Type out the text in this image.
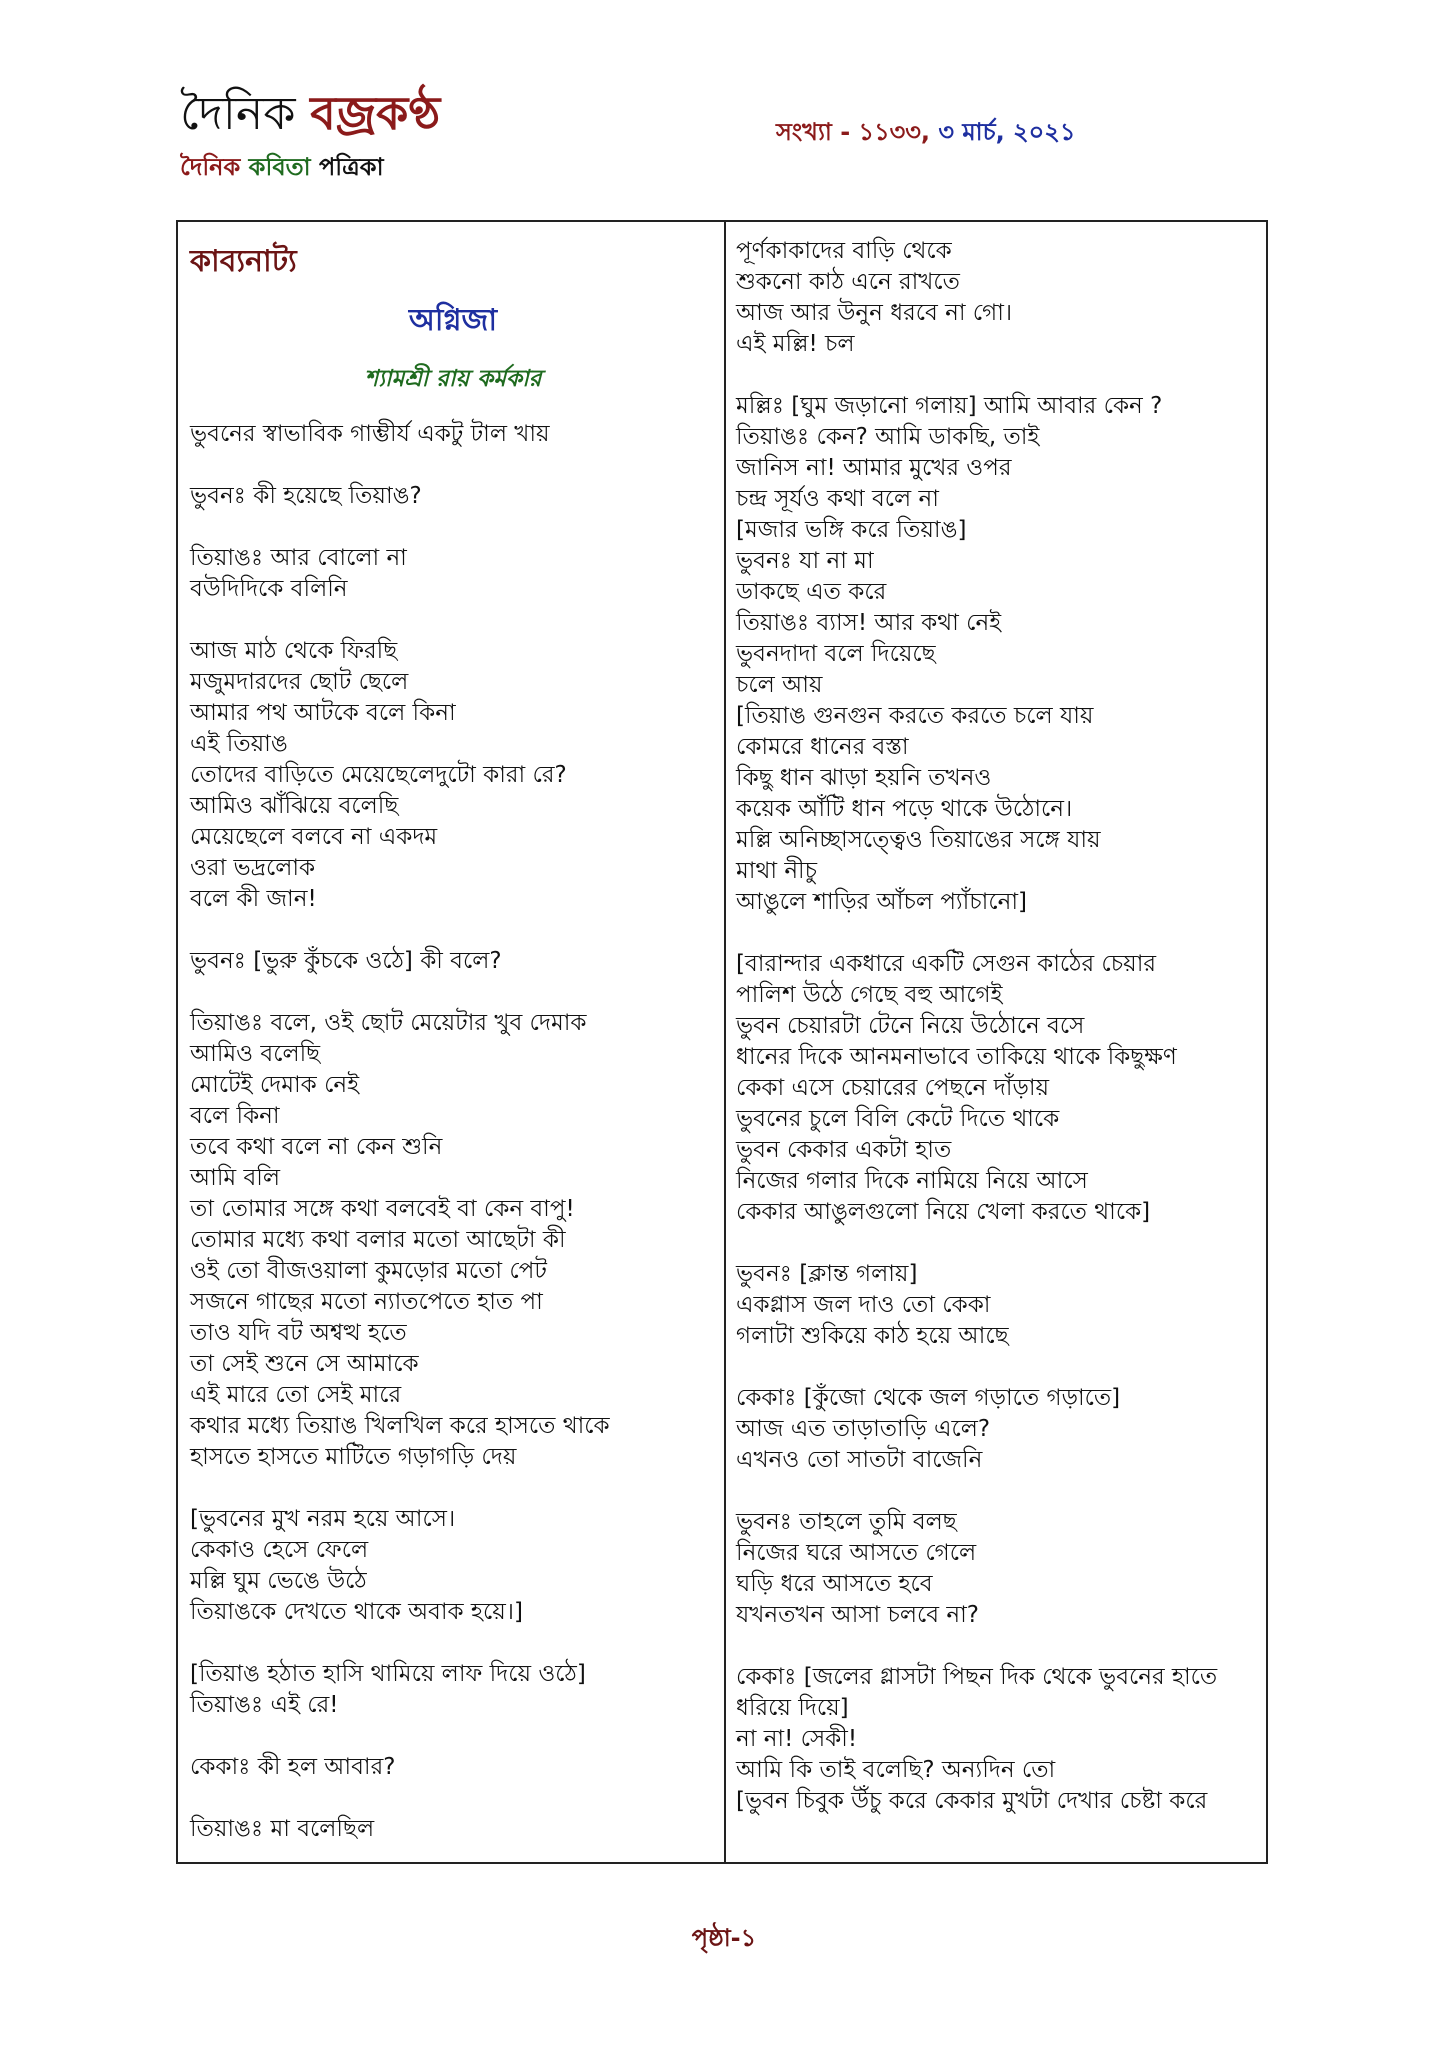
দৈনিক বজ্রকণ্ঠ
দৈনিক কবিতা পত্রিকা
সংখ্যা - ১১৩৩, ৩ মার্চ, ২০২১
কাব্যনাট্য
অগ্নিজা
শ্যামশ্রী রায় কর্মকার
ভুবনের স্বাভাবিক গাম্ভীর্য একটু টাল খায়
ভুবনঃ কী হয়েছে তিয়াঙ?
তিয়াঙঃ আর বোলো না
বউদিদিকে বলিনি
আজ মাঠ থেকে ফিরছি
মজুমদারদের ছোট ছেলে
আমার পথ আটকে বলে কিনা
এই তিয়াঙ
তোদের বাড়িতে মেয়েছেলেদুটো কারা রে?
আমিও ঝাঁঝিয়ে বলেছি
মেয়েছেলে বলবে না একদম
ওরা ভদ্রলোক
বলে কী জান!
ভুবনঃ [ভুরু কুঁচকে ওঠে] কী বলে?
তিয়াঙঃ বলে, ওই ছোট মেয়েটার খুব দেমাক
আমিও বলেছি
মোটেই দেমাক নেই
বলে কিনা
তবে কথা বলে না কেন শুনি
আমি বলি
তা তোমার সঙ্গে কথা বলবেই বা কেন বাপু!
তোমার মধ্যে কথা বলার মতো আছেটা কী
ওই তো বীজওয়ালা কুমড়োর মতো পেট
সজনে গাছের মতো ন্যাতপেতে হাত পা
তাও যদি বট অশ্বত্থ হতে
তা সেই শুনে সে আমাকে
এই মারে তো সেই মারে
কথার মধ্যে তিয়াঙ খিলখিল করে হাসতে থাকে
হাসতে হাসতে মাটিতে গড়াগড়ি দেয়
[ভুবনের মুখ নরম হয়ে আসে।
কেকাও হেসে ফেলে
মল্লি ঘুম ভেঙে উঠে
তিয়াঙকে দেখতে থাকে অবাক হয়ে।]
[তিয়াঙ হঠাত হাসি থামিয়ে লাফ দিয়ে ওঠে]
তিয়াঙঃ এই রে!
কেকাঃ কী হল আবার?
তিয়াঙঃ মা বলেছিল
পূর্ণকাকাদের বাড়ি থেকে
শুকনো কাঠ এনে রাখতে
আজ আর উনুন ধরবে না গো।
এই মল্লি! চল
মল্লিঃ [ঘুম জড়ানো গলায়] আমি আবার কেন ?
তিয়াঙঃ কেন? আমি ডাকছি, তাই
জানিস না! আমার মুখের ওপর
চন্দ্র সূর্যও কথা বলে না
[মজার ভঙ্গি করে তিয়াঙ]
ভুবনঃ যা না মা
ডাকছে এত করে
তিয়াঙঃ ব্যাস! আর কথা নেই
ভুবনদাদা বলে দিয়েছে
চলে আয়
[তিয়াঙ গুনগুন করতে করতে চলে যায়
কোমরে ধানের বস্তা
কিছু ধান ঝাড়া হয়নি তখনও
কয়েক আঁটি ধান পড়ে থাকে উঠোনে।
মল্লি অনিচ্ছাসত্ত্বেও তিয়াঙের সঙ্গে যায়
মাথা নীচু
আঙুলে শাড়ির আঁচল প্যাঁচানো]
[বারান্দার একধারে একটি সেগুন কাঠের চেয়ার
পালিশ উঠে গেছে বহু আগেই
ভুবন চেয়ারটা টেনে নিয়ে উঠোনে বসে
ধানের দিকে আনমনাভাবে তাকিয়ে থাকে কিছুক্ষণ
কেকা এসে চেয়ারের পেছনে দাঁড়ায়
ভুবনের চুলে বিলি কেটে দিতে থাকে
ভুবন কেকার একটা হাত
নিজের গলার দিকে নামিয়ে নিয়ে আসে
কেকার আঙুলগুলো নিয়ে খেলা করতে থাকে]
ভুবনঃ [ক্লান্ত গলায়]
একগ্লাস জল দাও তো কেকা
গলাটা শুকিয়ে কাঠ হয়ে আছে
কেকাঃ [কুঁজো থেকে জল গড়াতে গড়াতে]
আজ এত তাড়াতাড়ি এলে?
এখনও তো সাতটা বাজেনি
ভুবনঃ তাহলে তুমি বলছ
নিজের ঘরে আসতে গেলে
ঘড়ি ধরে আসতে হবে
যখনতখন আসা চলবে না?
কেকাঃ [জলের গ্লাসটা পিছন দিক থেকে ভুবনের হাতে
ধরিয়ে দিয়ে]
না না! সেকী!
আমি কি তাই বলেছি? অন্যদিন তো
[ভুবন চিবুক উঁচু করে কেকার মুখটা দেখার চেষ্টা করে
পৃষ্ঠা-১
